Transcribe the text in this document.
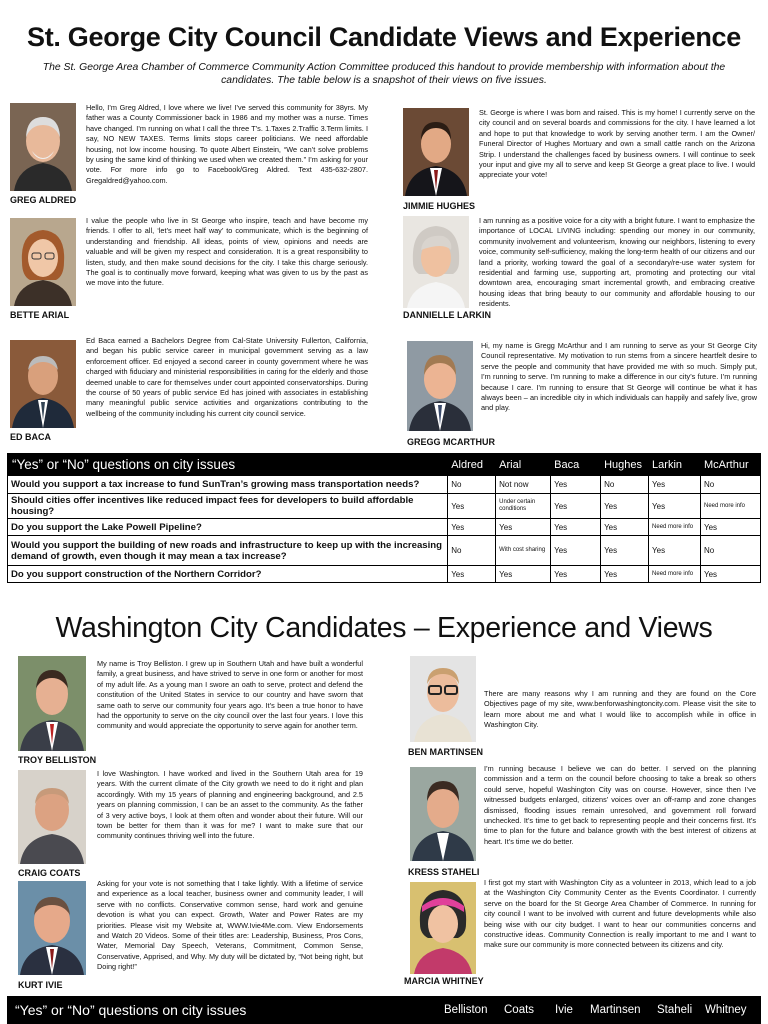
St. George City Council Candidate Views and Experience

The St. George Area Chamber of Commerce Community Action Committee produced this handout to provide membership with information about the candidates. The table below is a snapshot of their views on five issues.

GREG ALDRED

Hello, I’m Greg Aldred, I love where we live! I’ve served this community for 38yrs. My father was a County Commissioner back in 1986 and my mother was a nurse. Times have changed. I’m running on what I call the three T’s. 1.Taxes 2.Traffic 3.Term limits. I say, NO NEW TAXES. Terms limits stops career politicians. We need affordable housing, not low income housing. To quote Albert Einstein, “We can’t solve problems by using the same kind of thinking we used when we created them.” I’m asking for your vote. For more info go to Facebook/Greg Aldred. Text 435-632-2807. Gregaldred@yahoo.com.

BETTE ARIAL

I value the people who live in St George who inspire, teach and have become my friends. I offer to all, ‘let’s meet half way’ to communicate, which is the beginning of understanding and friendship. All ideas, points of view, opinions and needs are valuable and will be given my respect and consideration. It is a great responsibility to listen, study, and then make sound decisions for the city. I take this charge seriously. The goal is to continually move forward, keeping what was given to us by the past as we move into the future.

ED BACA

Ed Baca earned a Bachelors Degree from Cal-State University Fullerton, California, and began his public service career in municipal government serving as a law enforcement officer. Ed enjoyed a second career in county government where he was charged with fiduciary and ministerial responsibilities in caring for the elderly and those deemed unable to care for themselves under court appointed conservatorships. During the course of 50 years of public service Ed has joined with associates in establishing many meaningful public service activities and organizations contributing to the wellbeing of the community including his current city council service.

JIMMIE HUGHES

St. George is where I was born and raised. This is my home! I currently serve on the city council and on several boards and commissions for the city. I have learned a lot and hope to put that knowledge to work by serving another term. I am the Owner/ Funeral Director of Hughes Mortuary and own a small cattle ranch on the Arizona Strip. I understand the challenges faced by business owners. I will continue to seek your input and give my all to serve and keep St George a great place to live. I would appreciate your vote!

DANNIELLE LARKIN

I am running as a positive voice for a city with a bright future. I want to emphasize the importance of LOCAL LIVING including: spending our money in our community, community involvement and volunteerism, knowing our neighbors, listening to every voice, community self-sufficiency, making the long-term health of our citizens and our land a priority, working toward the goal of a secondary/re-use water system for residential and farming use, supporting art, promoting and protecting our vital downtown area, encouraging smart incremental growth, and embracing creative housing ideas that bring beauty to our community and affordable housing to our residents.

GREGG MCARTHUR

Hi, my name is Gregg McArthur and I am running to serve as your St George City Council representative. My motivation to run stems from a sincere heartfelt desire to serve the people and community that have provided me with so much. Simply put, I’m running to serve. I’m running to make a difference in our city’s future. I’m running because I care. I’m running to ensure that St George will continue be what it has always been – an incredible city in which individuals can happily and safely live, grow and play.

“Yes” or “No” questions on city issues	Aldred	Arial	Baca	Hughes	Larkin	McArthur
Would you support a tax increase to fund SunTran’s growing mass transportation needs?	No	Not now	Yes	No	Yes	No
Should cities offer incentives like reduced impact fees for developers to build affordable housing?	Yes	Under certain conditions	Yes	Yes	Yes	Need more info
Do you support the Lake Powell Pipeline?	Yes	Yes	Yes	Yes	Need more info	Yes
Would you support the building of new roads and infrastructure to keep up with the increasing demand of growth, even though it may mean a tax increase?	No	With cost sharing	Yes	Yes	Yes	No
Do you support construction of the Northern Corridor?	Yes	Yes	Yes	Yes	Need more info	Yes
Washington City Candidates – Experience and Views
TROY BELLISTON

My name is Troy Belliston. I grew up in Southern Utah and have built a wonderful family, a great business, and have strived to serve in one form or another for most of my adult life. As a young man I swore an oath to serve, protect and defend the constitution of the United States in service to our country and have sworn that same oath to serve our community four years ago. It’s been a true honor to have had the opportunity to serve on the city council over the last four years. I love this community and would appreciate the opportunity to serve again for another term.

CRAIG COATS

I love Washington. I have worked and lived in the Southern Utah area for 19 years. With the current climate of the City growth we need to do it right and plan accordingly. With my 15 years of planning and engineering background, and 2.5 years on planning commission, I can be an asset to the community. As the father of 3 very active boys, I look at them often and wonder about their future. Will our town be better for them than it was for me? I want to make sure that our community continues thriving well into the future.

KURT IVIE

Asking for your vote is not something that I take lightly. With a lifetime of service and experience as a local teacher, business owner and community leader, I will serve with no conflicts. Conservative common sense, hard work and genuine devotion is what you can expect. Growth, Water and Power Rates are my priorities. Please visit my Website at, WWW.Ivie4Me.com. View Endorsements and Watch 20 Videos. Some of their titles are: Leadership, Business, Pros Cons, Water, Memorial Day Speech, Veterans, Commitment, Common Sense, Conservative, Apprised, and Why. My duty will be dictated by, “Not being right, but Doing right!”

BEN MARTINSEN

There are many reasons why I am running and they are found on the Core Objectives page of my site, www.benforwashingtoncity.com. Please visit the site to learn more about me and what I would like to accomplish while in office in Washington City.

KRESS STAHELI

I’m running because I believe we can do better. I served on the planning commission and a term on the council before choosing to take a break so others could serve, hopeful Washington City was on course. However, since then I’ve witnessed budgets enlarged, citizens’ voices over an off-ramp and zone changes dismissed, flooding issues remain unresolved, and government roll forward unchecked. It’s time to get back to representing people and their concerns first. It’s time to plan for the future and balance growth with the best interest of citizens at heart. It’s time we do better.

MARCIA WHITNEY

I first got my start with Washington City as a volunteer in 2013, which lead to a job at the Washington City Community Center as the Events Coordinator. I currently serve on the board for the St George Area Chamber of Commerce. In running for city council I want to be involved with current and future developments while also being wise with our city budget. I want to hear our communities concerns and constructive ideas. Community Connection is really important to me and I want to make sure our community is more connected between its citizens and city.

“Yes” or “No” questions on city issues	Belliston Coats Ivie Martinsen Staheli Whitney
